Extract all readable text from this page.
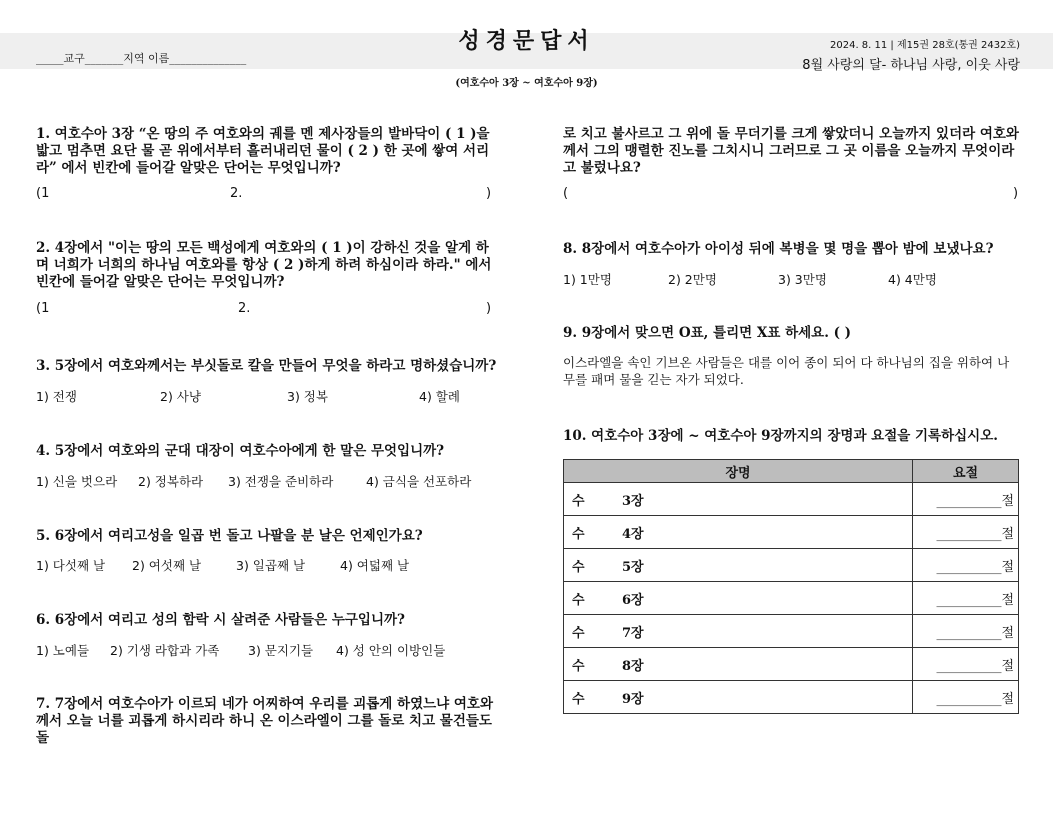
성경문답서
_____교구_______지역 이름______________
2024. 8. 11 | 제15권 28호(통권 2432호)
8월 사랑의 달- 하나님 사랑, 이웃 사랑
(여호수아 3장 ~ 여호수아 9장)
1. 여호수아 3장 “온 땅의 주 여호와의 궤를 멘 제사장들의 발바닥이 ( 1 )을 밟고 멈추면 요단 물 곧 위에서부터 흘러내리던 물이 ( 2 ) 한 곳에 쌓여 서리라” 에서 빈칸에 들어갈 알맞은 단어는 무엇입니까?
(1	2.	)
2. 4장에서 "이는 땅의 모든 백성에게 여호와의 ( 1 )이 강하신 것을 알게 하며 너희가 너희의 하나님 여호와를 항상 ( 2 )하게 하려 하심이라 하라." 에서 빈칸에 들어갈 알맞은 단어는 무엇입니까?
(1	2.	)
3. 5장에서 여호와께서는 부싯돌로 칼을 만들어 무엇을 하라고 명하셨습니까?
1) 전쟁	2) 사냥	3) 정복	4) 할례
4. 5장에서 여호와의 군대 대장이 여호수아에게 한 말은 무엇입니까?
1) 신을 벗으라 2) 정복하라 3) 전쟁을 준비하라	4) 금식을 선포하라
5. 6장에서 여리고성을 일곱 번 돌고 나팔을 분 날은 언제인가요?
1) 다섯째 날 2) 여섯째 날	3) 일곱째 날	4) 여덟째 날
6. 6장에서 여리고 성의 함락 시 살려준 사람들은 누구입니까?
1) 노예들 2) 기생 라합과 가족 3) 문지기들 4) 성 안의 이방인들
7. 7장에서 여호수아가 이르되 네가 어찌하여 우리를 괴롭게 하였느냐 여호와께서 오늘 너를 괴롭게 하시리라 하니 온 이스라엘이 그를 돌로 치고 물건들도 돌
로 치고 불사르고 그 위에 돌 무더기를 크게 쌓았더니 오늘까지 있더라 여호와께서 그의 맹렬한 진노를 그치시니 그러므로 그 곳 이름을 오늘까지 무엇이라 고 불렀나요?
(	)
8. 8장에서 여호수아가 아이성 뒤에 복병을 몇 명을 뽑아 밤에 보냈나요?
1) 1만명	2) 2만명	3) 3만명	4) 4만명
9. 9장에서 맞으면 O표, 틀리면 X표 하세요. ( )
이스라엘을 속인 기브온 사람들은 대를 이어 종이 되어 다 하나님의 집을 위하여 나무를 패며 물을 긷는 자가 되었다.
10. 여호수아 3장에 ~ 여호수아 9장까지의 장명과 요절을 기록하십시오.
장명	요절
수 3장	__________절
수 4장	__________절
수 5장	__________절
수 6장	__________절
수 7장	__________절
수 8장	__________절
수 9장	__________절
